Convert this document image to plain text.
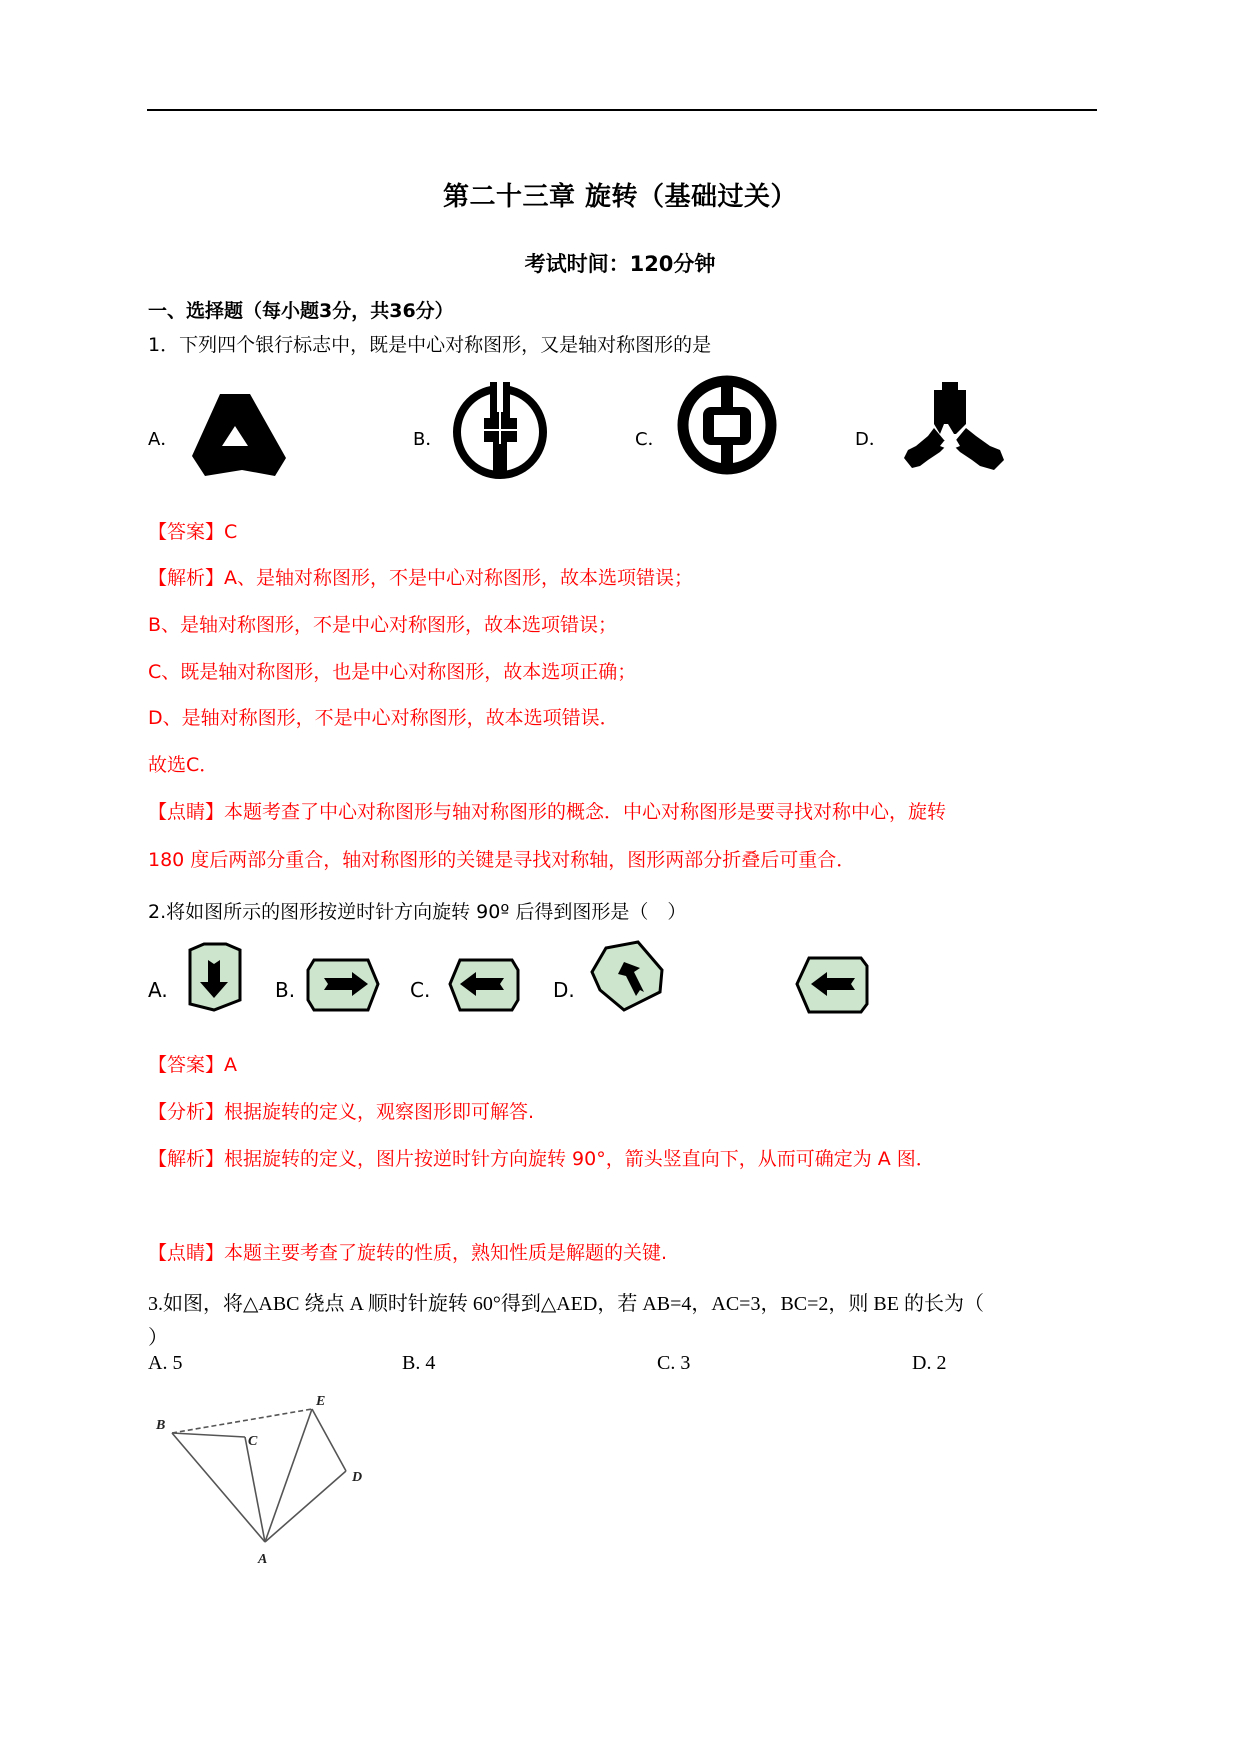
第二十三章 旋转（基础过关）
考试时间：120分钟
一、选择题（每小题3分，共36分）
1．下列四个银行标志中，既是中心对称图形，又是轴对称图形的是
A．	B．	C．	D．
【答案】C
【解析】A、是轴对称图形，不是中心对称图形，故本选项错误；
B、是轴对称图形，不是中心对称图形，故本选项错误；
C、既是轴对称图形，也是中心对称图形，故本选项正确；
D、是轴对称图形，不是中心对称图形，故本选项错误．
故选C．
【点睛】本题考查了中心对称图形与轴对称图形的概念．中心对称图形是要寻找对称中心，旋转
180 度后两部分重合，轴对称图形的关键是寻找对称轴，图形两部分折叠后可重合．
2.将如图所示的图形按逆时针方向旋转 90º 后得到图形是（　）
A.	B.	C.	D.
【答案】A
【分析】根据旋转的定义，观察图形即可解答.
【解析】根据旋转的定义，图片按逆时针方向旋转 90°，箭头竖直向下，从而可确定为 A 图．
【点睛】本题主要考查了旋转的性质，熟知性质是解题的关键.
3.如图，将△ABC 绕点 A 顺时针旋转 60°得到△AED，若 AB=4，AC=3，BC=2，则 BE 的长为（
）
A. 5	B. 4	C. 3	D. 2
B
C
E
D
A
